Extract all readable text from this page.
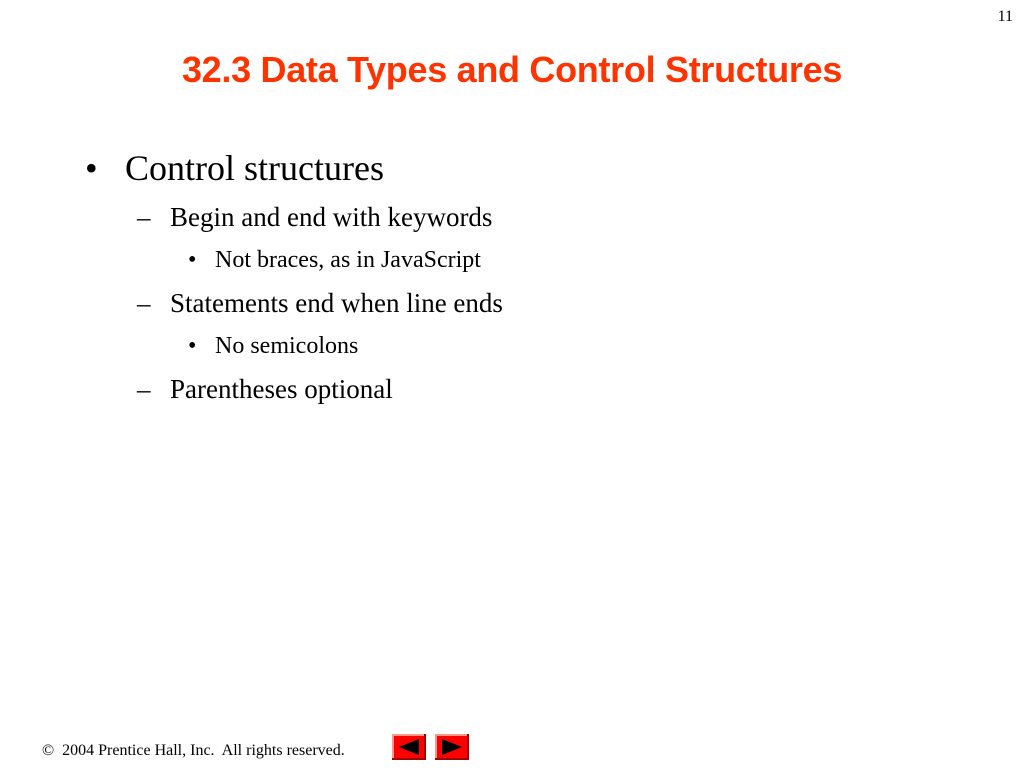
11
32.3 Data Types and Control Structures
• Control structures
– Begin and end with keywords
• Not braces, as in JavaScript
– Statements end when line ends
• No semicolons
– Parentheses optional
©  2004 Prentice Hall, Inc.  All rights reserved.
